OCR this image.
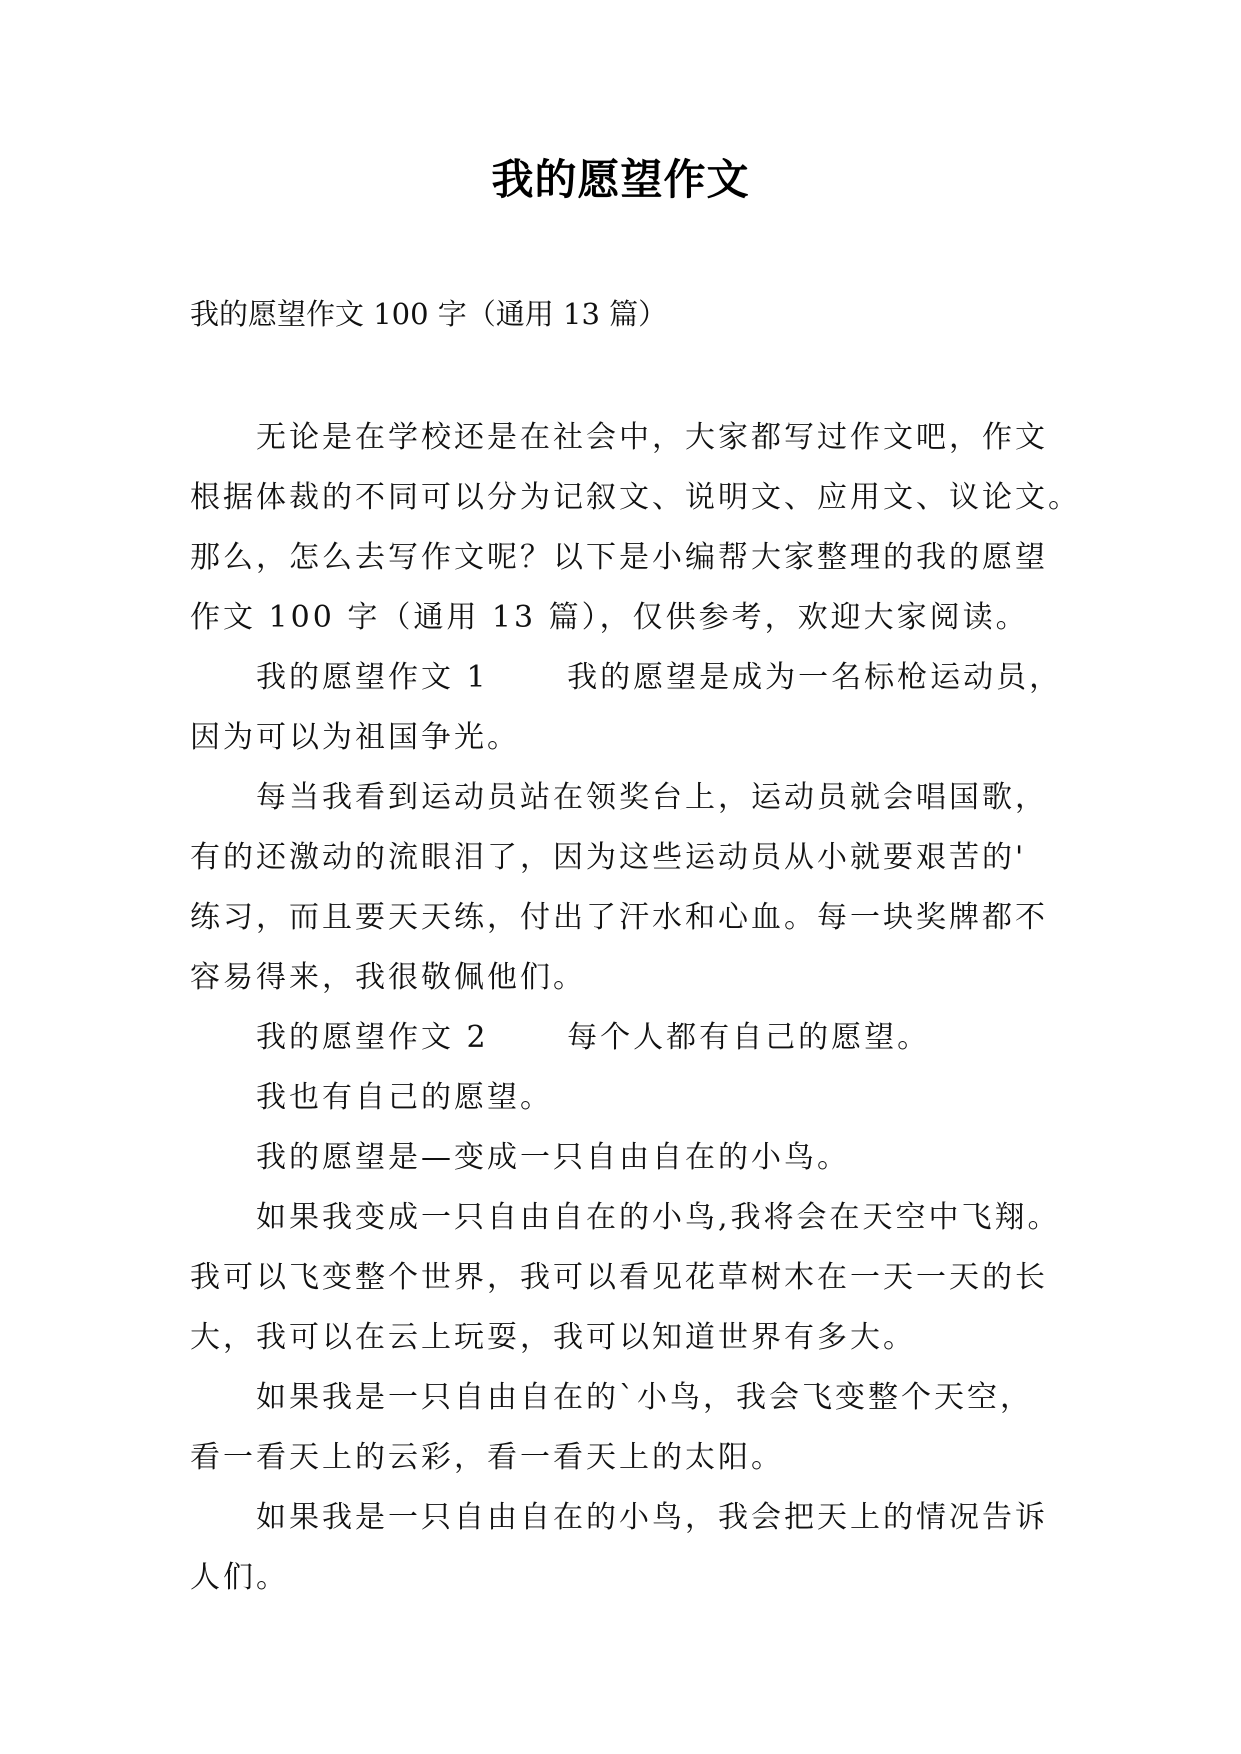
我的愿望作文
我的愿望作文 100 字（通用 13 篇）
无论是在学校还是在社会中，大家都写过作文吧，作文
根据体裁的不同可以分为记叙文、说明文、应用文、议论文。
那么，怎么去写作文呢？以下是小编帮大家整理的我的愿望
作文 100 字（通用 13 篇），仅供参考，欢迎大家阅读。
我的愿望作文 1　　 我的愿望是成为一名标枪运动员，
因为可以为祖国争光。
每当我看到运动员站在领奖台上，运动员就会唱国歌，
有的还激动的流眼泪了，因为这些运动员从小就要艰苦的'
练习，而且要天天练，付出了汗水和心血。每一块奖牌都不
容易得来，我很敬佩他们。
我的愿望作文 2　　 每个人都有自己的愿望。
我也有自己的愿望。
我的愿望是—变成一只自由自在的小鸟。
如果我变成一只自由自在的小鸟,我将会在天空中飞翔。
我可以飞变整个世界，我可以看见花草树木在一天一天的长
大，我可以在云上玩耍，我可以知道世界有多大。
如果我是一只自由自在的`小鸟，我会飞变整个天空，
看一看天上的云彩，看一看天上的太阳。
如果我是一只自由自在的小鸟，我会把天上的情况告诉
人们。
